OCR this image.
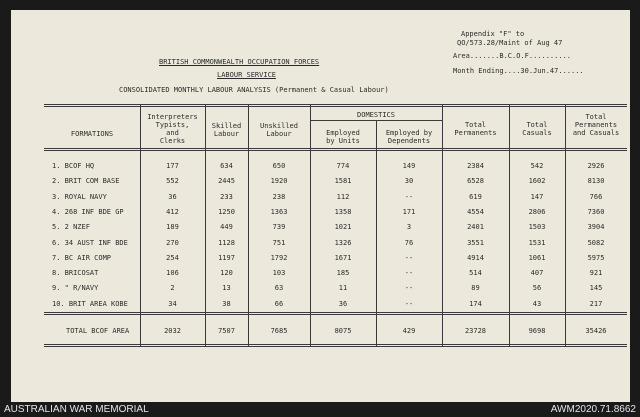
Appendix "F" to
QO/573.28/Maint of Aug 47
Area.......B.C.O.F..........
Month Ending....30.Jun.47......
BRITISH COMMONWEALTH OCCUPATION FORCES
LABOUR SERVICE
CONSOLIDATED MONTHLY LABOUR ANALYSIS (Permanent & Casual Labour)
FORMATIONS
Interpreters
Typists,
and
Clerks
Skilled
Labour
Unskilled
Labour
DOMESTICS
Employed
by Units
Employed by
Dependents
Total
Permanents
Total
Casuals
Total
Permanents
and Casuals
1. BCOF HQ	177	634	650	774	149	2384	542	2926
2. BRIT COM BASE	552	2445	1920	1581	30	6528	1602	8130
3. ROYAL NAVY	36	233	238	112	--	619	147	766
4. 268 INF BDE GP	412	1250	1363	1358	171	4554	2806	7360
5. 2 NZEF	189	449	739	1021	3	2401	1503	3904
6. 34 AUST INF BDE	270	1128	751	1326	76	3551	1531	5082
7. BC AIR COMP	254	1197	1792	1671	--	4914	1061	5975
8. BRICOSAT	106	120	103	185	--	514	407	921
9. " R/NAVY	2	13	63	11	--	89	56	145
10. BRIT AREA KOBE	34	38	66	36	--	174	43	217
TOTAL BCOF AREA	2032	7507	7685	8075	429	23728	9698	35426
AUSTRALIAN WAR MEMORIAL	AWM2020.71.8662
